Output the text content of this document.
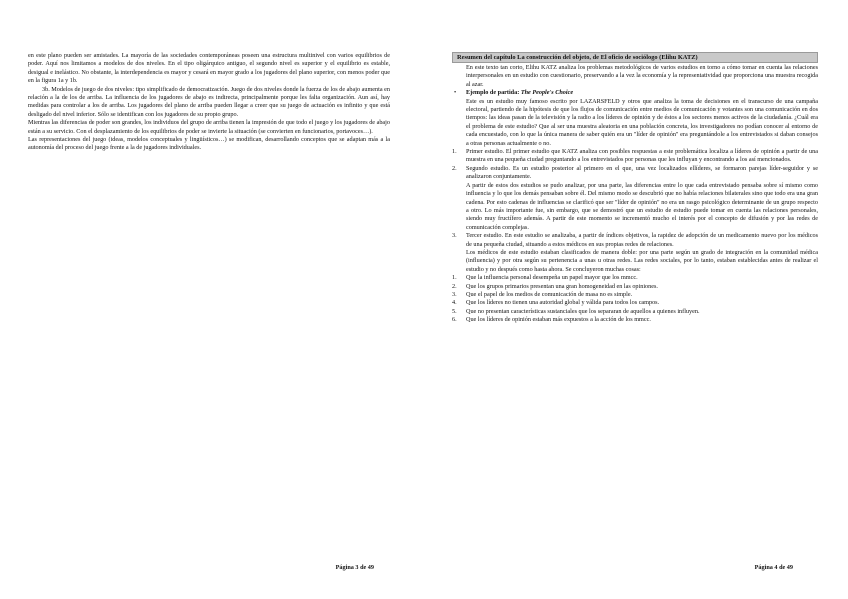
en este plano pueden ser amistades. La mayoría de las sociedades contemporáneas poseen una estructura multinivel con varios equilibrios de poder. Aquí nos limitamos a modelos de dos niveles. En el tipo oligárquico antiguo, el segundo nivel es superior y el equilibrio es estable, desigual e inelástico. No obstante, la interdependencia es mayor y cesará en mayor grado a los jugadores del plano superior, con menos poder que en la figura 1a y 1b.

3b. Modelos de juego de dos niveles: tipo simplificado de democratización. Juego de dos niveles donde la fuerza de los de abajo aumenta en relación a la de los de arriba. La influencia de los jugadores de abajo es indirecta, principalmente porque les falta organización. Aun así, hay medidas para controlar a los de arriba. Los jugadores del plano de arriba pueden llegar a creer que su juego de actuación es infinito y que está desligado del nivel inferior. Sólo se identifican con los jugadores de su propio grupo.

Mientras las diferencias de poder son grandes, los individuos del grupo de arriba tienen la impresión de que todo el juego y los jugadores de abajo están a su servicio. Con el desplazamiento de los equilibrios de poder se invierte la situación (se convierten en funcionarios, portavoces…).

Las representaciones del juego (ideas, modelos conceptuales y lingüísticos…) se modifican, desarrollando conceptos que se adaptan más a la autonomía del proceso del juego frente a la de jugadores individuales.

Página 3 de 49
Resumen del capítulo La construcción del objeto, de El oficio de sociólogo (Elihu KATZ)

En este texto tan corto, Elihu KATZ analiza los problemas metodológicos de varios estudios en torno a cómo tomar en cuenta las relaciones interpersonales en un estudio con cuestionario, preservando a la vez la economía y la representatividad que proporciona una muestra recogida al azar.

•	Ejemplo de partida: The People's Choice

Este es un estudio muy famoso escrito por LAZARSFELD y otros que analiza la toma de decisiones en el transcurso de una campaña electoral, partiendo de la hipótesis de que los flujos de comunicación entre medios de comunicación y votantes son una comunicación en dos tiempos: las ideas pasan de la televisión y la radio a los líderes de opinión y de éstos a los sectores menos activos de la ciudadanía. ¿Cuál era el problema de este estudio? Que al ser una muestra aleatoria en una población concreta, los investigadores no podían conocer al entorno de cada encuestado, con lo que la única manera de saber quién era un "líder de opinión" era preguntándole a los entrevistados si daban consejos a otras personas actualmente o no.

1.	Primer estudio. El primer estudio que KATZ analiza con posibles respuestas a este problemática localiza a líderes de opinión a partir de una muestra en una pequeña ciudad preguntando a los entrevistados por personas que les influyan y encontrando a los así mencionados.

2.	Segundo estudio. Es un estudio posterior al primero en el que, una vez localizados ellíderes, se formaron parejas líder-seguidor y se analizaron conjuntamente.

A partir de estos dos estudios se pudo analizar, por una parte, las diferencias entre lo que cada entrevistado pensaba sobre sí mismo como influencia y lo que los demás pensaban sobre él. Del mismo modo se descubrió que no había relaciones bilaterales sino que todo era una gran cadena. Por esto cadenas de influencias se clarificó que ser "líder de opinión" no era un rasgo psicológico determinante de un grupo respecto a otro. Lo más importante fue, sin embargo, que se demostró que un estudio de estudio puede tomar en cuenta las relaciones personales, siendo muy fructífero además. A partir de este momento se incrementó mucho el interés por el concepto de difusión y por las redes de comunicación complejas.

3.	Tercer estudio. En este estudio se analizaba, a partir de índices objetivos, la rapidez de adopción de un medicamento nuevo por los médicos de una pequeña ciudad, situando a estos médicos en sus propias redes de relaciones.

Los médicos de este estudio estaban clasificados de manera doble: por una parte según un grado de integración en la comunidad médica (influencia) y por otra según su pertenencia a unas u otras redes. Las redes sociales, por lo tanto, estaban establecidas antes de realizar el estudio y no después como hasta ahora. Se concluyeron muchas cosas:

1.	Que la influencia personal desempeña un papel mayor que los mmcc.

2.	Que los grupos primarios presentan una gran homogeneidad en las opiniones.

3.	Que el papel de los medios de comunicación de masa no es simple.

4.	Que los líderes no tienen una autoridad global y válida para todos los campos.

5.	Que no presentan características sustanciales que los separaran de aquellos a quienes influyen.

6.	Que los líderes de opinión estaban más expuestos a la acción de los mmcc.

Página 4 de 49
